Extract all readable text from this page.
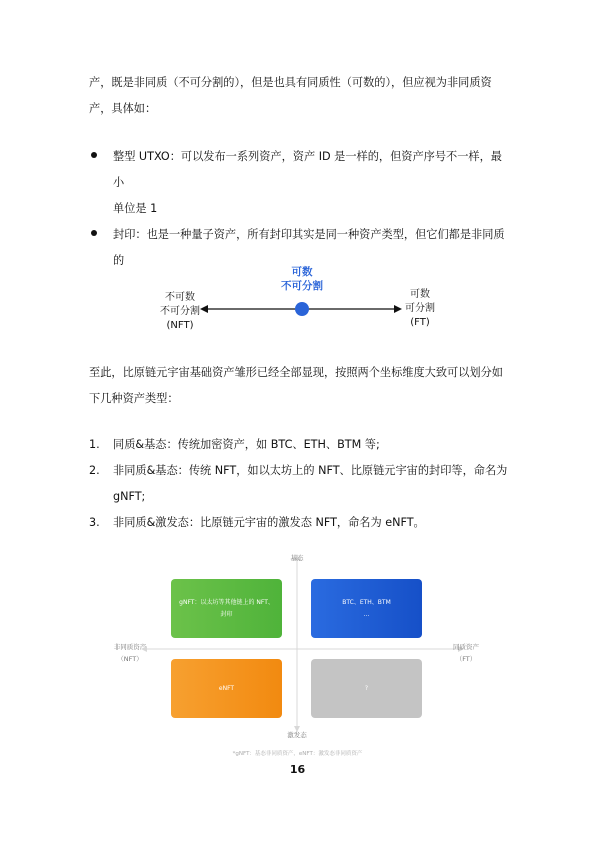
产，既是非同质（不可分割的），但是也具有同质性（可数的），但应视为非同质资
产，具体如：
整型 UTXO：可以发布一系列资产，资产 ID 是一样的，但资产序号不一样，最小
单位是 1
封印：也是一种量子资产，所有封印其实是同一种资产类型，但它们都是非同质
的
可数
不可分割
不可数
不可分割
(NFT)
可数
可分割
(FT)
至此，比原链元宇宙基础资产雏形已经全部显现，按照两个坐标维度大致可以划分如
下几种资产类型：
1. 同质&基态：传统加密资产，如 BTC、ETH、BTM 等;
2. 非同质&基态：传统 NFT，如以太坊上的 NFT、比原链元宇宙的封印等，命名为
gNFT;
3. 非同质&激发态：比原链元宇宙的激发态 NFT，命名为 eNFT。
基态
激发态
非同质资产
（NFT）
同质资产
（FT）
gNFT：以太坊等其他链上的 NFT、
封印
BTC、ETH、BTM
...
eNFT	?
*gNFT：基态非同质资产，eNFT：激发态非同质资产
16
